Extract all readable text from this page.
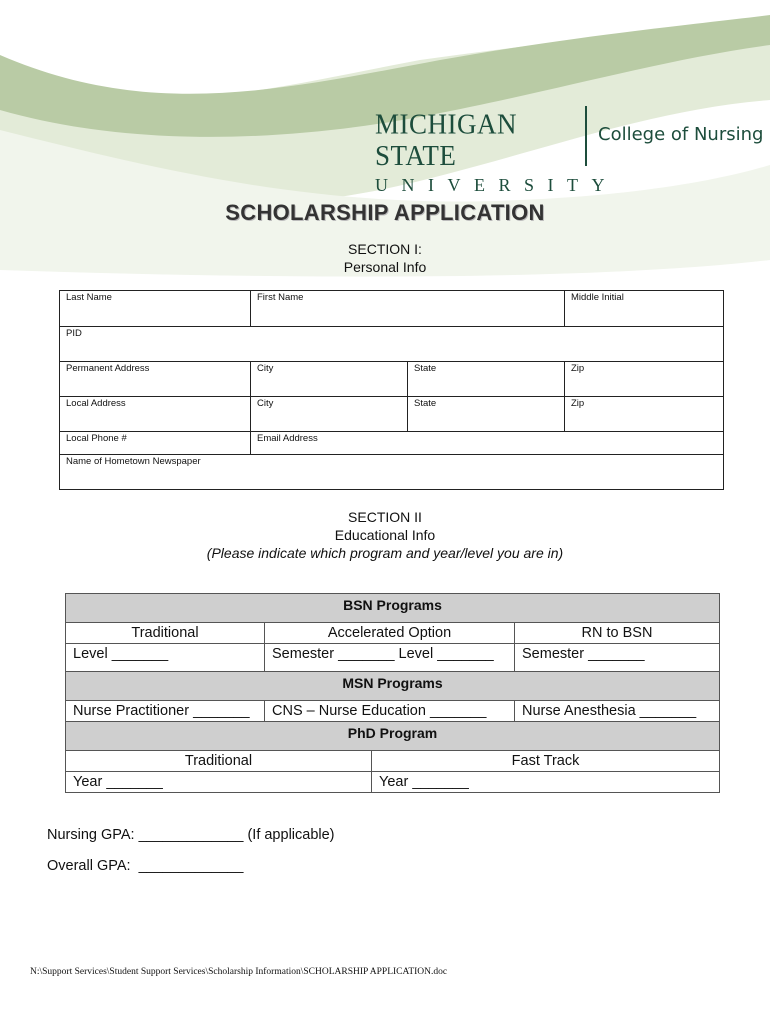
MICHIGAN STATE
UNIVERSITY
College of Nursing
SCHOLARSHIP APPLICATION
SECTION I:
Personal Info
Last Name	First Name	Middle Initial
PID
Permanent Address	City	State	Zip
Local Address	City	State	Zip
Local Phone #	Email Address
Name of Hometown Newspaper
SECTION II
Educational Info
(Please indicate which program and year/level you are in)
BSN Programs
Traditional	Accelerated Option	RN to BSN
Level _______	Semester _______ Level _______	Semester _______
MSN Programs
Nurse Practitioner _______	CNS – Nurse Education _______	Nurse Anesthesia _______
PhD Program
Traditional	Fast Track
Year _______	Year _______
Nursing GPA: _____________ (If applicable)
Overall GPA:  _____________
N:\Support Services\Student Support Services\Scholarship Information\SCHOLARSHIP APPLICATION.doc
